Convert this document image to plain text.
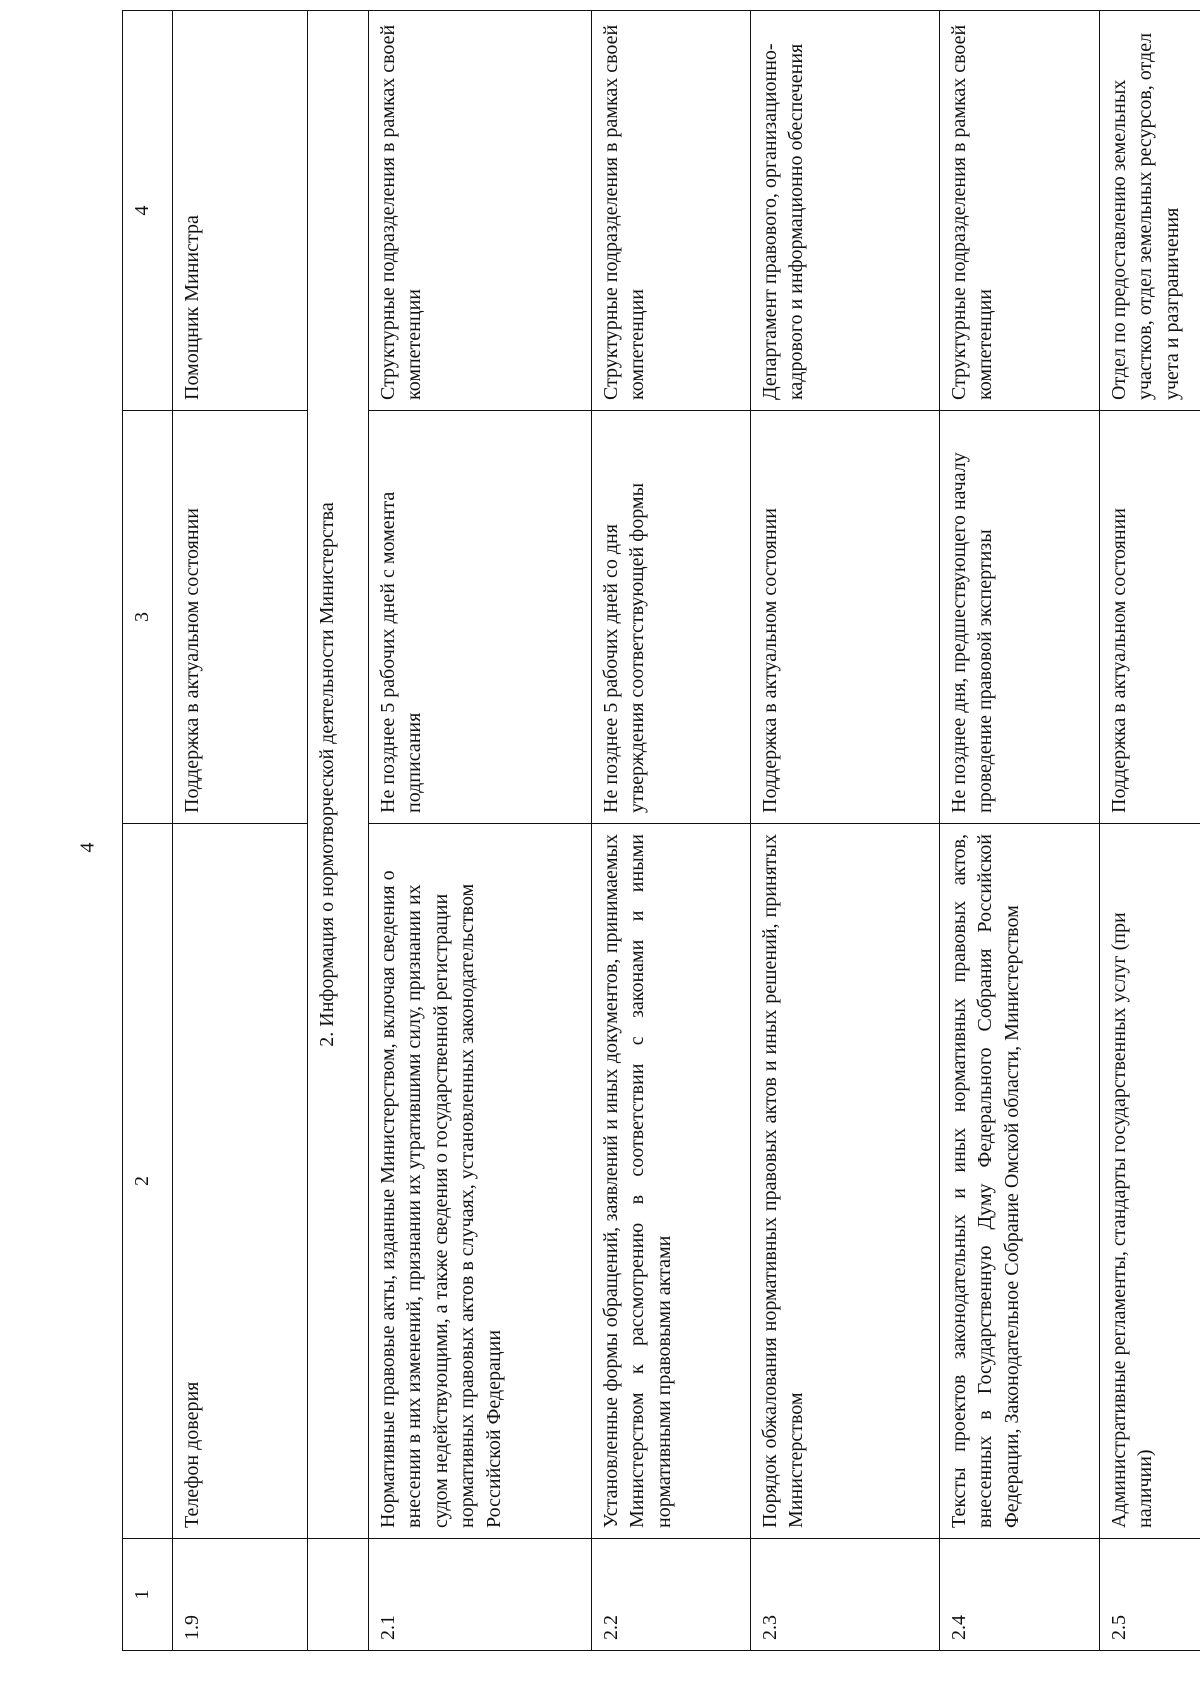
4
1	2	3	4
1.9	Телефон доверия	Поддержка в актуальном состоянии	Помощник Министра
	2. Информация о нормотворческой деятельности Министерства		
2.1	Нормативные правовые акты, изданные Министерством, включая сведения о внесении в них изменений, признании их утратившими силу, признании их судом недействующими, а также сведения о государственной регистрации нормативных правовых актов в случаях, установленных законодательством Российской Федерации	Не позднее 5 рабочих дней с момента подписания	Структурные подразделения в рамках своей компетенции
2.2	Установленные формы обращений, заявлений и иных документов, принимаемых Министерством к рассмотрению в соответствии с законами и иными нормативными правовыми актами	Не позднее 5 рабочих дней со дня утверждения соответствующей формы	Структурные подразделения в рамках своей компетенции
2.3	Порядок обжалования нормативных правовых актов и иных решений, принятых Министерством	Поддержка в актуальном состоянии	Департамент правового, организационно-кадрового и информационно обеспечения
2.4	Тексты проектов законодательных и иных нормативных правовых актов, внесенных в Государственную Думу Федерального Собрания Российской Федерации, Законодательное Собрание Омской области, Министерством	Не позднее дня, предшествующего началу проведение правовой экспертизы	Структурные подразделения в рамках своей компетенции
2.5	Административные регламенты, стандарты государственных услуг (при наличии)	Поддержка в актуальном состоянии	Отдел по предоставлению земельных участков, отдел земельных ресурсов, отдел учета и разграничения
